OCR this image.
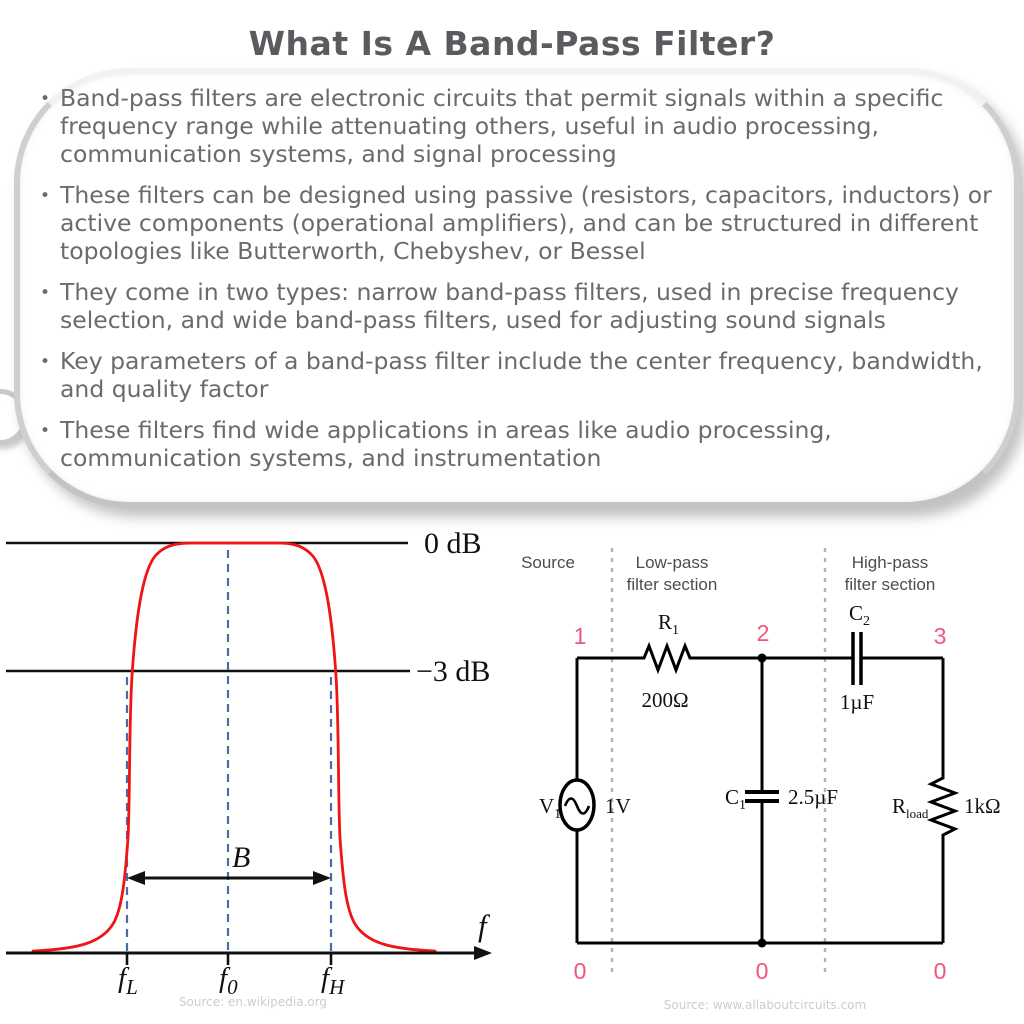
What Is A Band-Pass Filter?
• Band-pass filters are electronic circuits that permit signals within a specific frequency range while attenuating others, useful in audio processing, communication systems, and signal processing
• These filters can be designed using passive (resistors, capacitors, inductors) or active components (operational amplifiers), and can be structured in different topologies like Butterworth, Chebyshev, or Bessel
• They come in two types: narrow band-pass filters, used in precise frequency selection, and wide band-pass filters, used for adjusting sound signals
• Key parameters of a band-pass filter include the center frequency, bandwidth, and quality factor
• These filters find wide applications in areas like audio processing, communication systems, and instrumentation
0 dB
−3 dB
B
f
$f_L$	$f_0$	$f_H$
Source: en.wikipedia.org
Source	Low-pass
filter section
High-pass
filter section
$R_1$
200Ω
$C_2$
1µF
$V_1$ 1V	$C_1$ 2.5µF	$R_{load}$ 1kΩ
1	2	3
0	0	0
Source: www.allaboutcircuits.com
